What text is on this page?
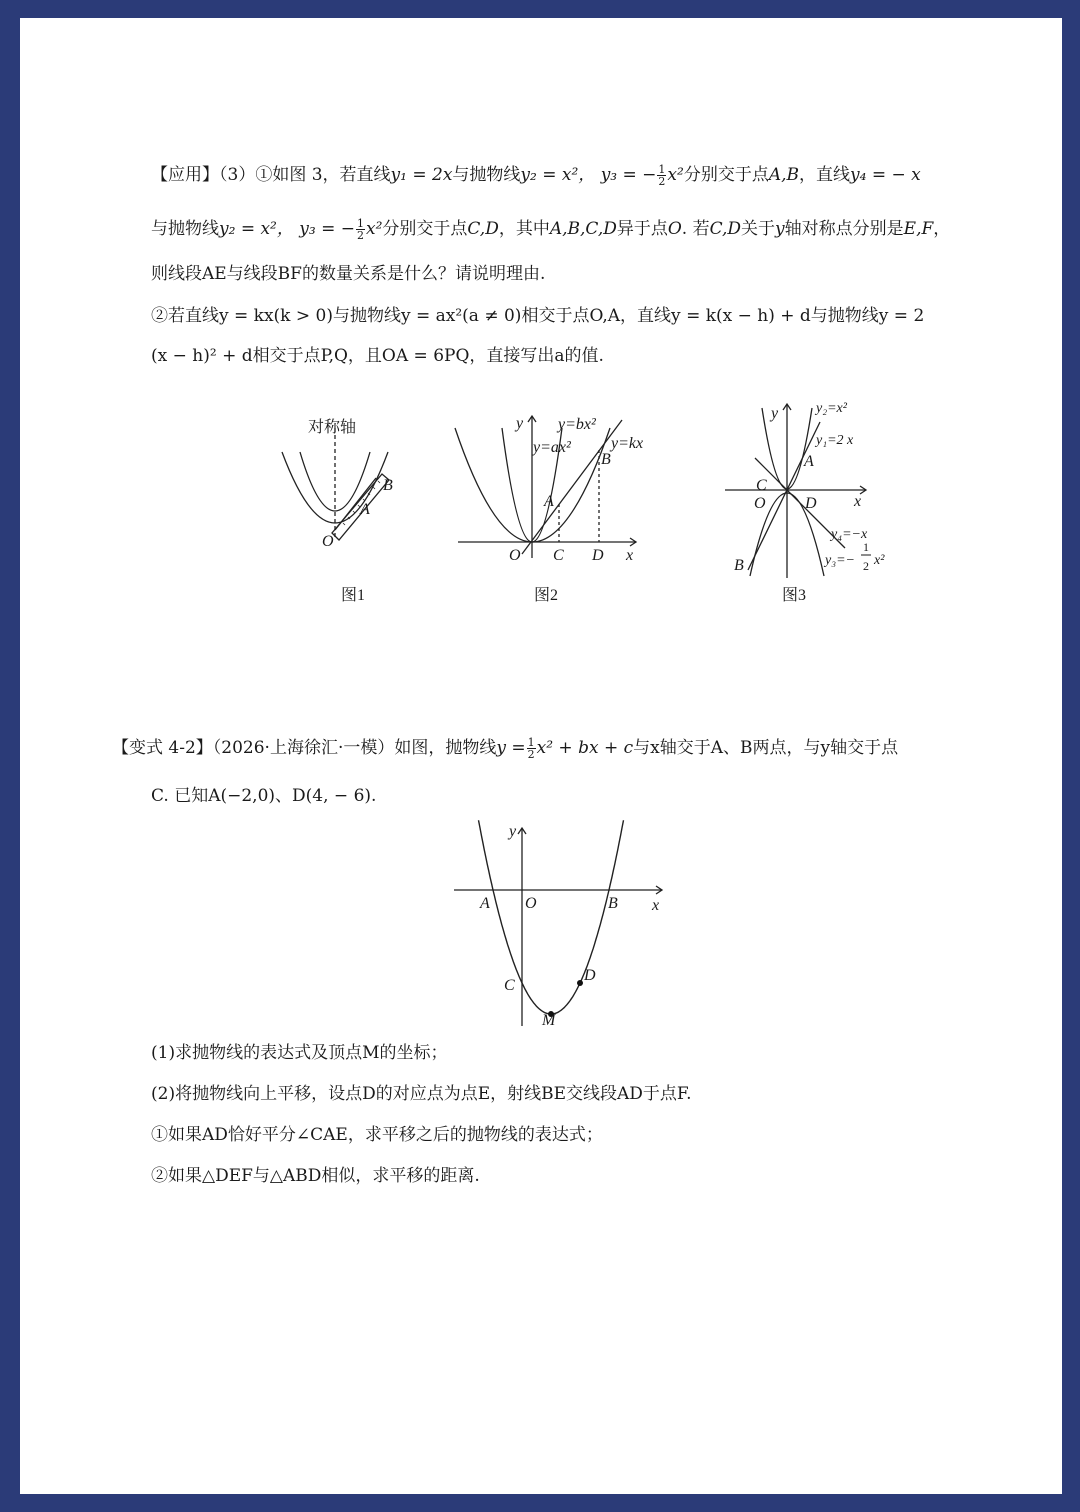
【应用】（3）①如图 3，若直线y₁ = 2x与抛物线y₂ = x²， y₃ = − $\frac{1}{2} x^2$分别交于点A,B，直线y₄ = − x
与抛物线y₂ = x²， y₃ = − $\frac{1}{2} x^2$分别交于点C,D，其中A,B,C,D异于点O. 若C,D关于y轴对称点分别是E,F，
则线段AE与线段BF的数量关系是什么？请说明理由.
②若直线y = kx(k > 0)与抛物线y = ax²(a ≠ 0)相交于点O,A，直线y = k(x − h) + d与抛物线y = 2
(x − h)² + d相交于点P,Q，且OA = 6PQ，直接写出a的值.
对称轴
O
A
B
图1
y
x
O
A
B
C D
y=bx²
y=ax²	y=kx
图2
y
x
O
C
D
A
B
y₂=x²
y₁=2 x
y₄=−x
y₃=−
1
2 x²
图3
【变式 4-2】（2026·上海徐汇·一模）如图，抛物线$y = \frac{1}{2} x^2$ + bx + c与x轴交于A、B两点，与y轴交于点
C. 已知A(−2,0)、D(4, − 6).
y
x
A O	B
C
D
M
(1)求抛物线的表达式及顶点M的坐标；
(2)将抛物线向上平移，设点D的对应点为点E，射线BE交线段AD于点F.
①如果AD恰好平分∠CAE，求平移之后的抛物线的表达式；
②如果△DEF与△ABD相似，求平移的距离.
